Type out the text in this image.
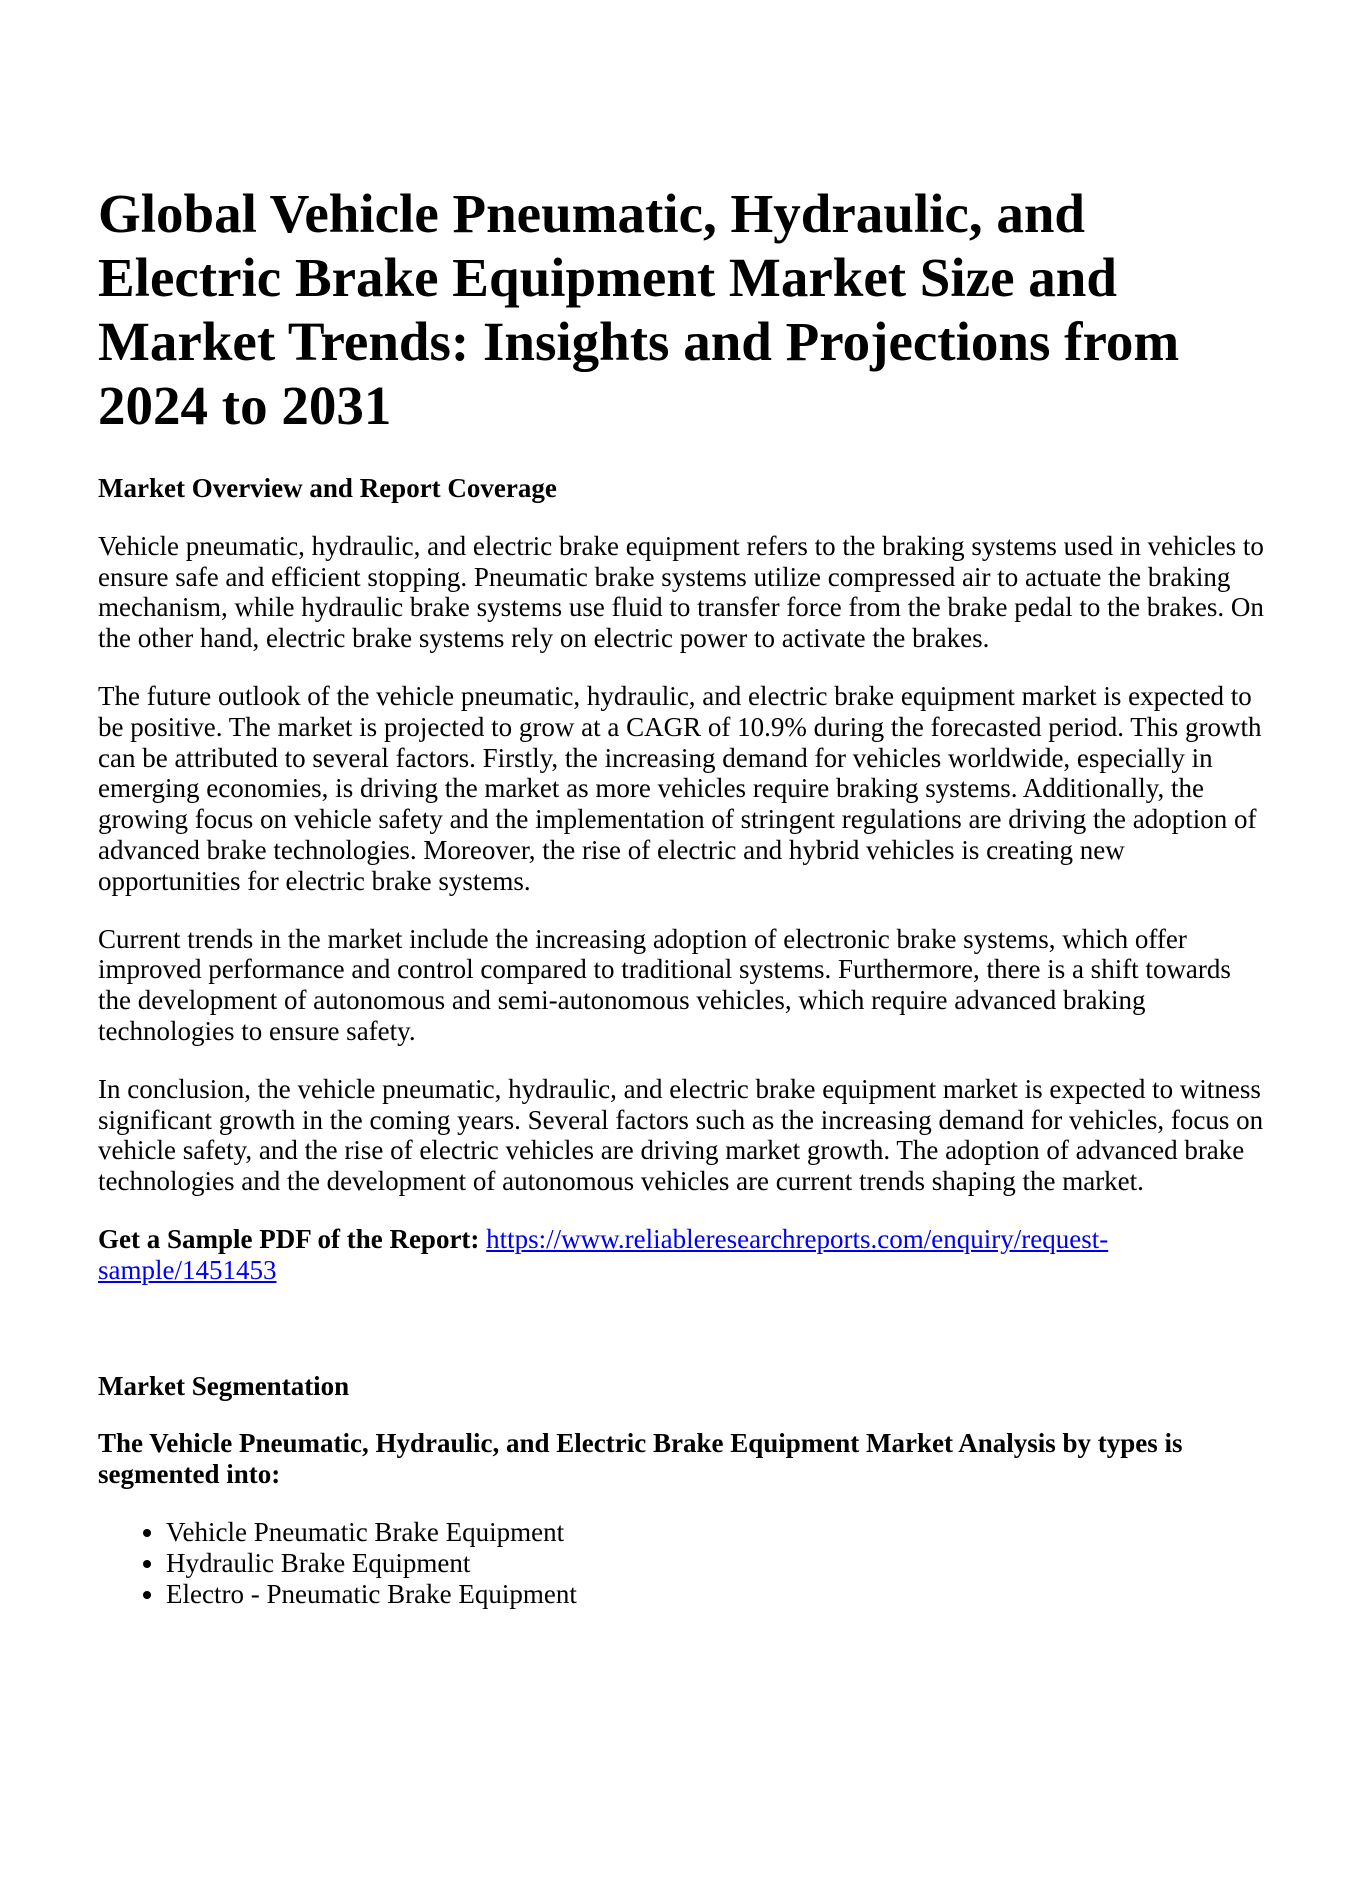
Global Vehicle Pneumatic, Hydraulic, and Electric Brake Equipment Market Size and Market Trends: Insights and Projections from 2024 to 2031
Market Overview and Report Coverage

Vehicle pneumatic, hydraulic, and electric brake equipment refers to the braking systems used in vehicles to ensure safe and efficient stopping. Pneumatic brake systems utilize compressed air to actuate the braking mechanism, while hydraulic brake systems use fluid to transfer force from the brake pedal to the brakes. On the other hand, electric brake systems rely on electric power to activate the brakes.

The future outlook of the vehicle pneumatic, hydraulic, and electric brake equipment market is expected to be positive. The market is projected to grow at a CAGR of 10.9% during the forecasted period. This growth can be attributed to several factors. Firstly, the increasing demand for vehicles worldwide, especially in emerging economies, is driving the market as more vehicles require braking systems. Additionally, the growing focus on vehicle safety and the implementation of stringent regulations are driving the adoption of advanced brake technologies. Moreover, the rise of electric and hybrid vehicles is creating new opportunities for electric brake systems.

Current trends in the market include the increasing adoption of electronic brake systems, which offer improved performance and control compared to traditional systems. Furthermore, there is a shift towards the development of autonomous and semi-autonomous vehicles, which require advanced braking technologies to ensure safety.

In conclusion, the vehicle pneumatic, hydraulic, and electric brake equipment market is expected to witness significant growth in the coming years. Several factors such as the increasing demand for vehicles, focus on vehicle safety, and the rise of electric vehicles are driving market growth. The adoption of advanced brake technologies and the development of autonomous vehicles are current trends shaping the market.

Get a Sample PDF of the Report: https://www.reliableresearchreports.com/enquiry/request-sample/1451453

Market Segmentation
The Vehicle Pneumatic, Hydraulic, and Electric Brake Equipment Market Analysis by types is segmented into:
• Vehicle Pneumatic Brake Equipment
• Hydraulic Brake Equipment
• Electro - Pneumatic Brake Equipment
